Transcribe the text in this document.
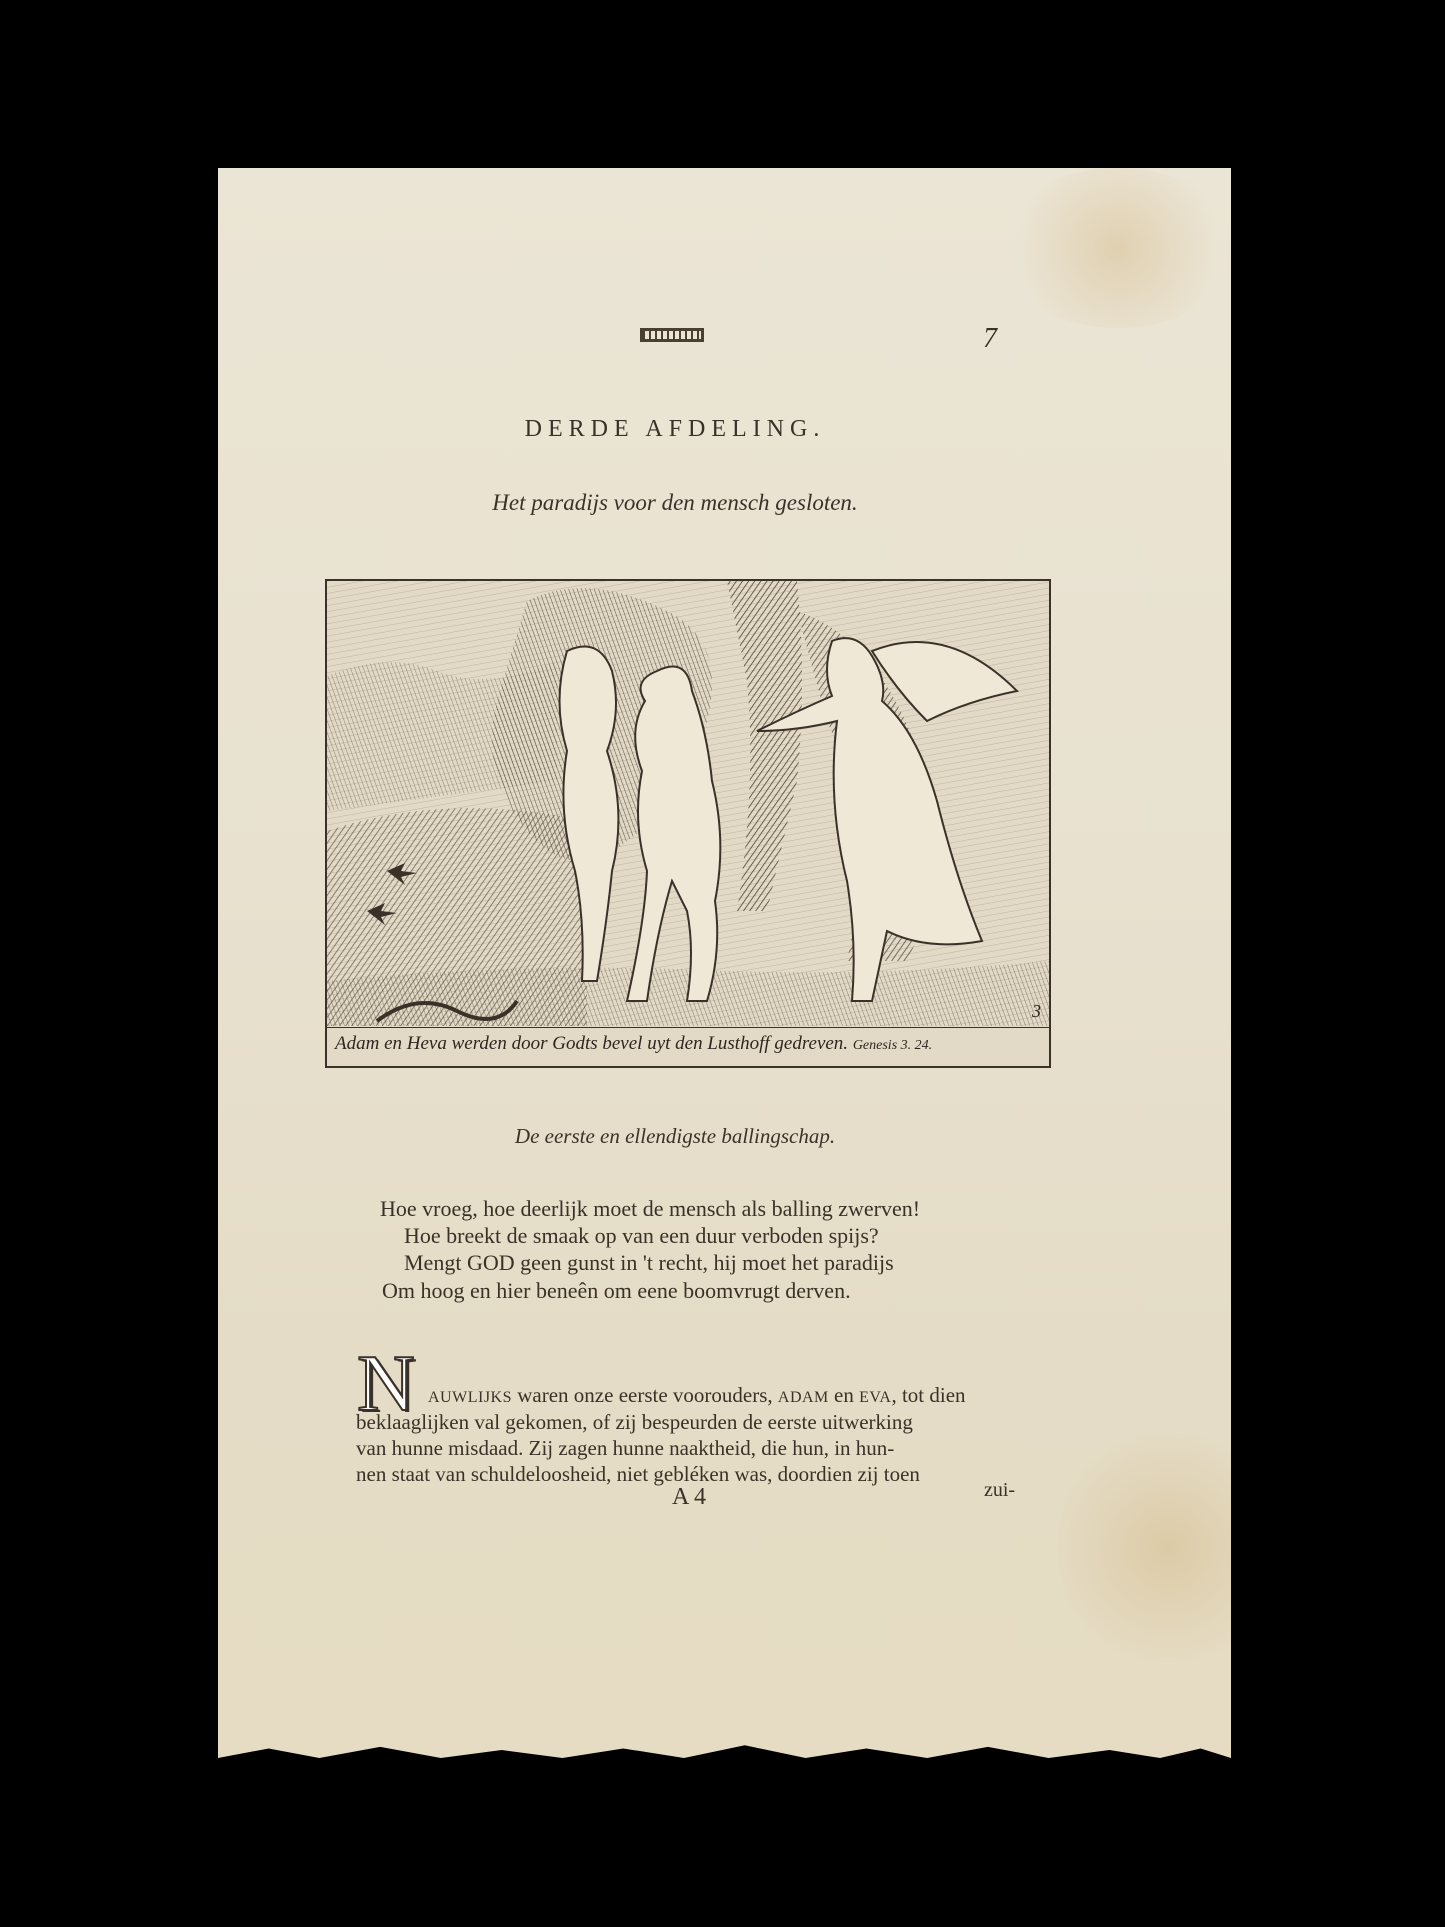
7

DERDE AFDELING.

Het paradijs voor den mensch gesloten.

3
Adam en Heva werden door Godts bevel uyt den Lusthoff gedreven. Genesis 3. 24.

De eerste en ellendigste ballingschap.

Hoe vroeg, hoe deerlijk moet de mensch als balling zwerven!

Hoe breekt de smaak op van een duur verboden spijs?

Mengt GOD geen gunst in 't recht, hij moet het paradijs

Om hoog en hier beneên om eene boomvrugt derven.

N AUWLIJKS waren onze eerste voorouders, ADAM en EVA, tot dien

beklaaglijken val gekomen, of zij bespeurden de eerste uitwerking

van hunne misdaad. Zij zagen hunne naaktheid, die hun, in hun-

nen staat van schuldeloosheid, niet gebléken was, doordien zij toen

A 4	zui-
